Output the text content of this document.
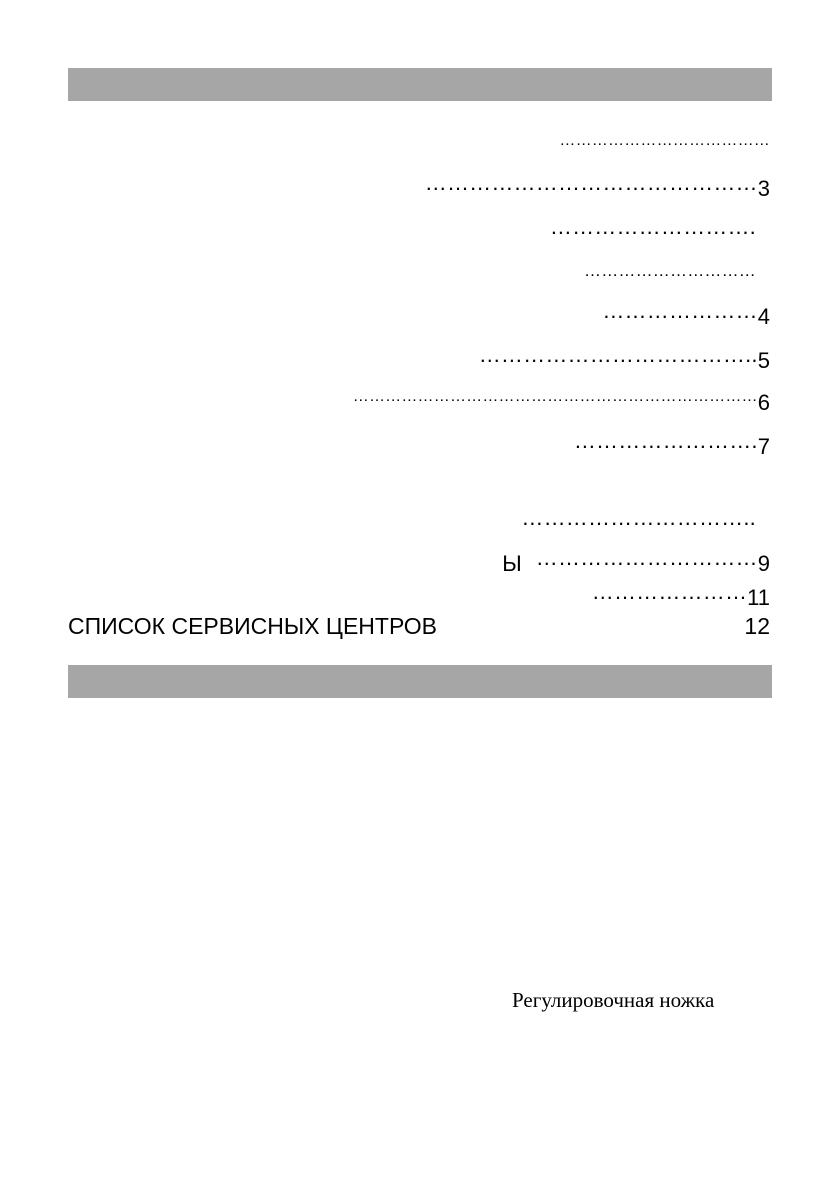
…………………………………
………………………………………3
……………………….
…………………………
…………………4
………………………………..5
…………………………………………………………………6
…………………….7
…………………………..
Ы …………………………9
…………………11
СПИСОК СЕРВИСНЫХ ЦЕНТРОВ	12
Регулировочная ножка
